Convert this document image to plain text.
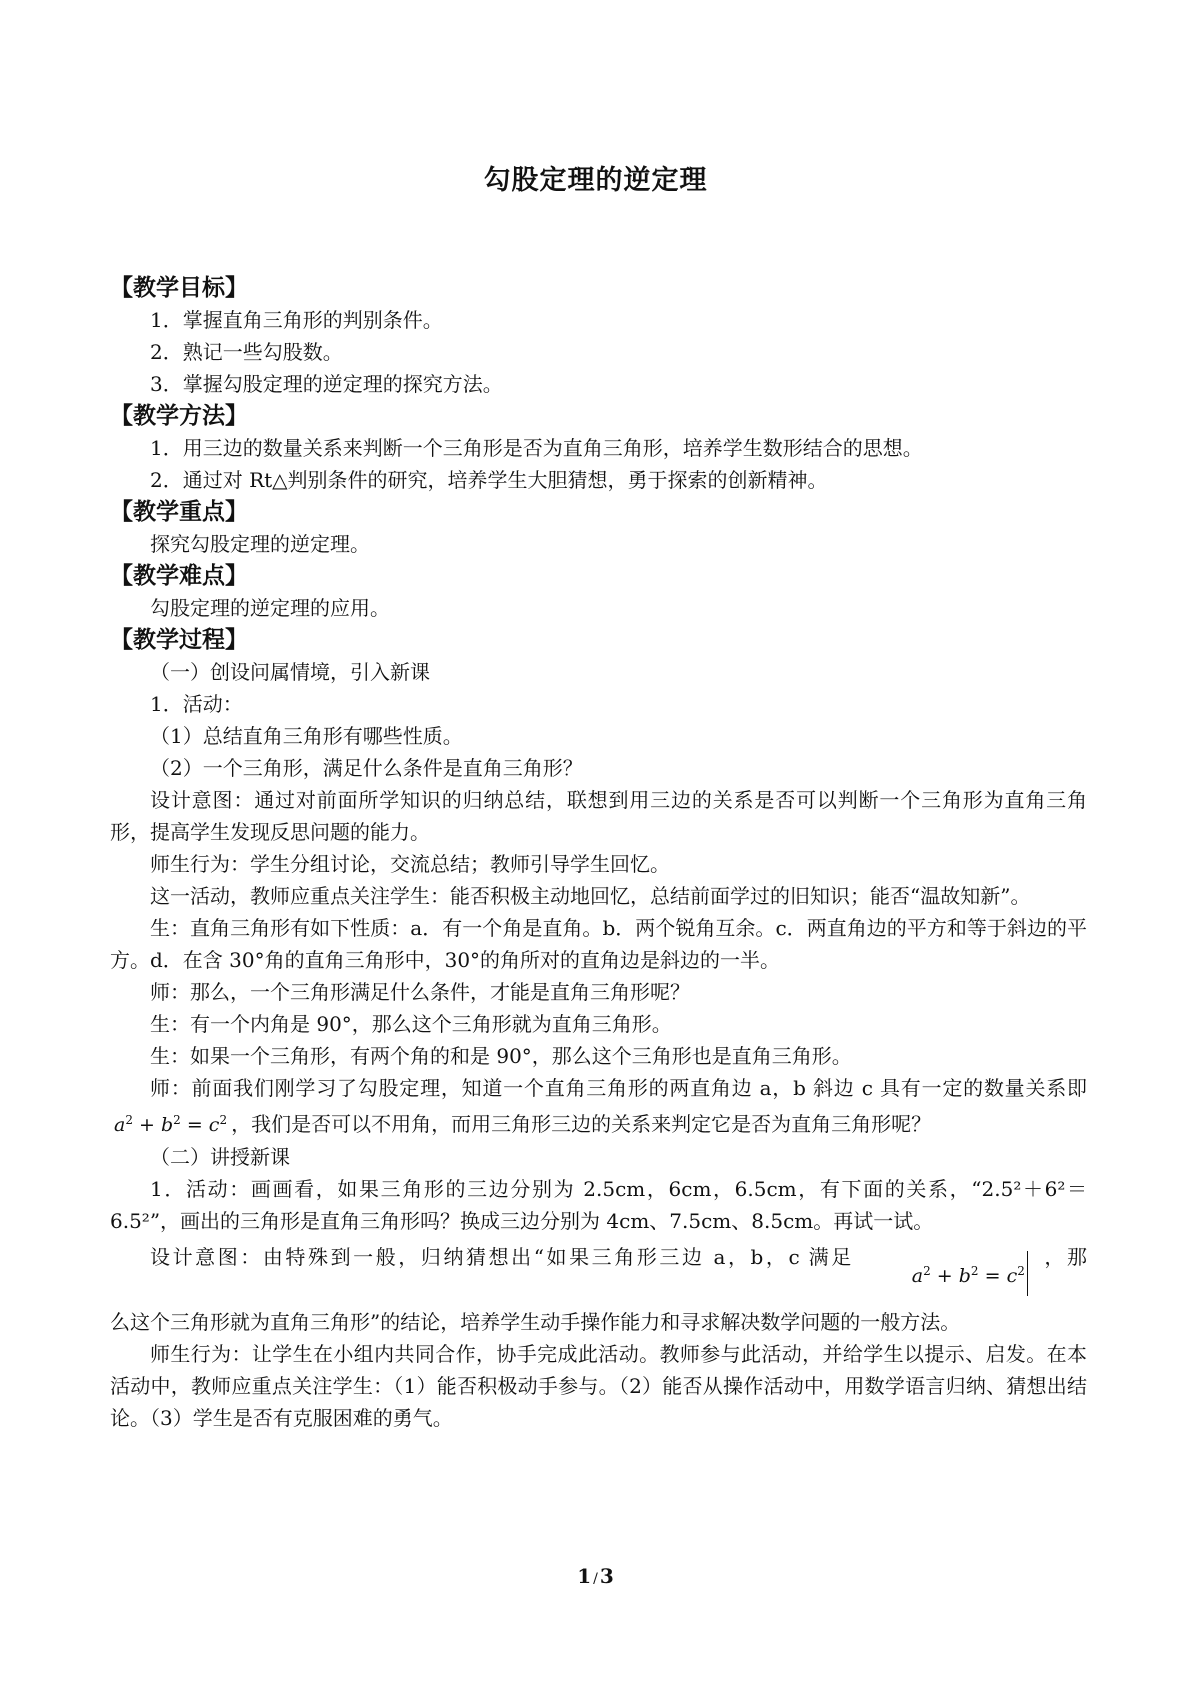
勾股定理的逆定理

【教学目标】

1．掌握直角三角形的判别条件。

2．熟记一些勾股数。

3．掌握勾股定理的逆定理的探究方法。

【教学方法】

1．用三边的数量关系来判断一个三角形是否为直角三角形，培养学生数形结合的思想。

2．通过对 Rt△判别条件的研究，培养学生大胆猜想，勇于探索的创新精神。

【教学重点】

探究勾股定理的逆定理。

【教学难点】

勾股定理的逆定理的应用。

【教学过程】

（一）创设问属情境，引入新课

1．活动：

（1）总结直角三角形有哪些性质。

（2）一个三角形，满足什么条件是直角三角形？

设计意图：通过对前面所学知识的归纳总结，联想到用三边的关系是否可以判断一个三角形为直角三角形，提高学生发现反思问题的能力。

师生行为：学生分组讨论，交流总结；教师引导学生回忆。

这一活动，教师应重点关注学生：能否积极主动地回忆，总结前面学过的旧知识；能否“温故知新”。

生：直角三角形有如下性质：a．有一个角是直角。b．两个锐角互余。c．两直角边的平方和等于斜边的平方。d．在含 30°角的直角三角形中，30°的角所对的直角边是斜边的一半。

师：那么，一个三角形满足什么条件，才能是直角三角形呢？

生：有一个内角是 90°，那么这个三角形就为直角三角形。

生：如果一个三角形，有两个角的和是 90°，那么这个三角形也是直角三角形。

师：前面我们刚学习了勾股定理，知道一个直角三角形的两直角边 a，b 斜边 c 具有一定的数量关系即$a^2 + b^2 = c^2$ ，我们是否可以不用角，而用三角形三边的关系来判定它是否为直角三角形呢？

（二）讲授新课

1．活动：画画看，如果三角形的三边分别为 2.5cm，6cm，6.5cm，有下面的关系，“2.5²＋6²＝6.5²”，画出的三角形是直角三角形吗？换成三边分别为 4cm、7.5cm、8.5cm。再试一试。

设计意图：由特殊到一般，归纳猜想出“如果三角形三边 a，b，c 满足$a^2 + b^2 = c^2$，那

么这个三角形就为直角三角形”的结论，培养学生动手操作能力和寻求解决数学问题的一般方法。

师生行为：让学生在小组内共同合作，协手完成此活动。教师参与此活动，并给学生以提示、启发。在本活动中，教师应重点关注学生：（1）能否积极动手参与。（2）能否从操作活动中，用数学语言归纳、猜想出结论。（3）学生是否有克服困难的勇气。

1 / 3
